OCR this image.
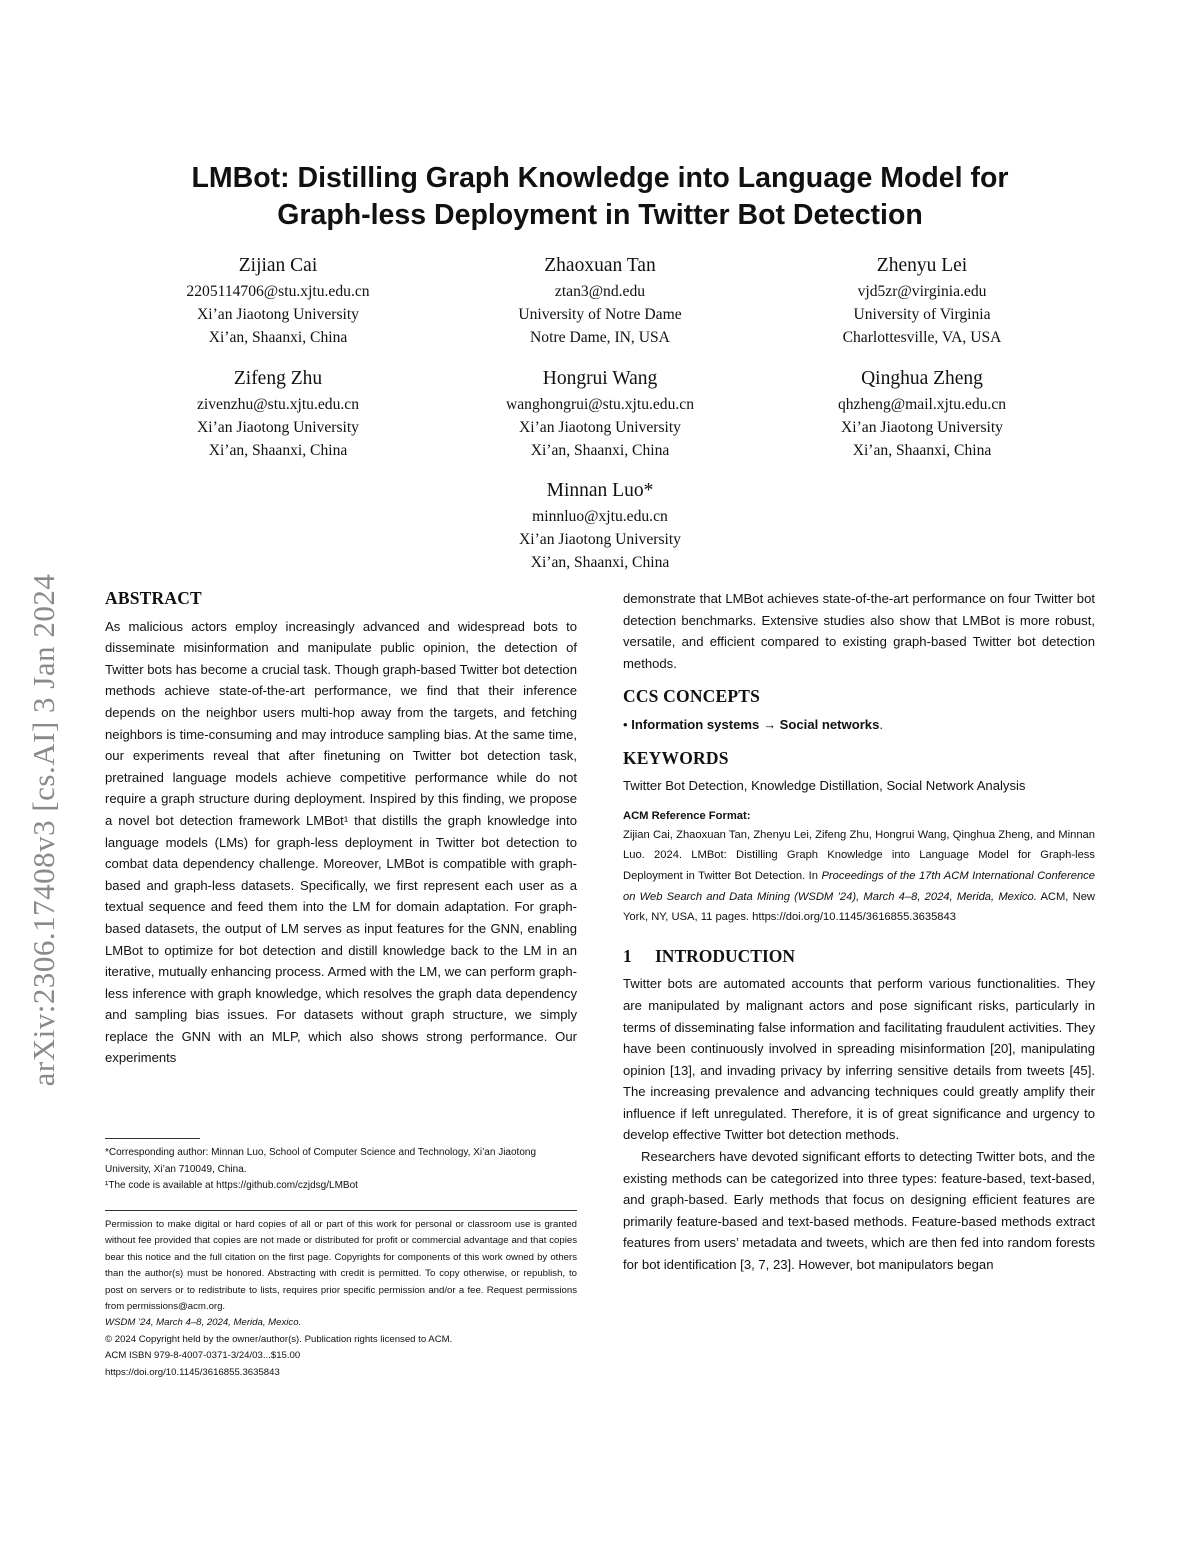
arXiv:2306.17408v3 [cs.AI] 3 Jan 2024
LMBot: Distilling Graph Knowledge into Language Model for
Graph-less Deployment in Twitter Bot Detection
Zijian Cai
2205114706@stu.xjtu.edu.cn
Xi’an Jiaotong University
Xi’an, Shaanxi, China
Zhaoxuan Tan
ztan3@nd.edu
University of Notre Dame
Notre Dame, IN, USA
Zhenyu Lei
vjd5zr@virginia.edu
University of Virginia
Charlottesville, VA, USA
Zifeng Zhu
zivenzhu@stu.xjtu.edu.cn
Xi’an Jiaotong University
Xi’an, Shaanxi, China
Hongrui Wang
wanghongrui@stu.xjtu.edu.cn
Xi’an Jiaotong University
Xi’an, Shaanxi, China
Qinghua Zheng
qhzheng@mail.xjtu.edu.cn
Xi’an Jiaotong University
Xi’an, Shaanxi, China
Minnan Luo*
minnluo@xjtu.edu.cn
Xi’an Jiaotong University
Xi’an, Shaanxi, China
ABSTRACT

As malicious actors employ increasingly advanced and widespread bots to disseminate misinformation and manipulate public opinion, the detection of Twitter bots has become a crucial task. Though graph-based Twitter bot detection methods achieve state-of-the-art performance, we find that their inference depends on the neighbor users multi-hop away from the targets, and fetching neighbors is time-consuming and may introduce sampling bias. At the same time, our experiments reveal that after finetuning on Twitter bot detection task, pretrained language models achieve competitive performance while do not require a graph structure during deployment. Inspired by this finding, we propose a novel bot detection framework LMBot¹ that distills the graph knowledge into language models (LMs) for graph-less deployment in Twitter bot detection to combat data dependency challenge. Moreover, LMBot is compatible with graph-based and graph-less datasets. Specifically, we first represent each user as a textual sequence and feed them into the LM for domain adaptation. For graph-based datasets, the output of LM serves as input features for the GNN, enabling LMBot to optimize for bot detection and distill knowledge back to the LM in an iterative, mutually enhancing process. Armed with the LM, we can perform graph-less inference with graph knowledge, which resolves the graph data dependency and sampling bias issues. For datasets without graph structure, we simply replace the GNN with an MLP, which also shows strong performance. Our experiments

*Corresponding author: Minnan Luo, School of Computer Science and Technology, Xi’an Jiaotong University, Xi’an 710049, China.

¹The code is available at https://github.com/czjdsg/LMBot

Permission to make digital or hard copies of all or part of this work for personal or classroom use is granted without fee provided that copies are not made or distributed for profit or commercial advantage and that copies bear this notice and the full citation on the first page. Copyrights for components of this work owned by others than the author(s) must be honored. Abstracting with credit is permitted. To copy otherwise, or republish, to post on servers or to redistribute to lists, requires prior specific permission and/or a fee. Request permissions from permissions@acm.org.

WSDM ’24, March 4–8, 2024, Merida, Mexico.

© 2024 Copyright held by the owner/author(s). Publication rights licensed to ACM.

ACM ISBN 979-8-4007-0371-3/24/03...$15.00

https://doi.org/10.1145/3616855.3635843

demonstrate that LMBot achieves state-of-the-art performance on four Twitter bot detection benchmarks. Extensive studies also show that LMBot is more robust, versatile, and efficient compared to existing graph-based Twitter bot detection methods.

CCS CONCEPTS

• Information systems → Social networks.

KEYWORDS

Twitter Bot Detection, Knowledge Distillation, Social Network Analysis

ACM Reference Format:

Zijian Cai, Zhaoxuan Tan, Zhenyu Lei, Zifeng Zhu, Hongrui Wang, Qinghua Zheng, and Minnan Luo. 2024. LMBot: Distilling Graph Knowledge into Language Model for Graph-less Deployment in Twitter Bot Detection. In Proceedings of the 17th ACM International Conference on Web Search and Data Mining (WSDM ’24), March 4–8, 2024, Merida, Mexico. ACM, New York, NY, USA, 11 pages. https://doi.org/10.1145/3616855.3635843

1 INTRODUCTION

Twitter bots are automated accounts that perform various functionalities. They are manipulated by malignant actors and pose significant risks, particularly in terms of disseminating false information and facilitating fraudulent activities. They have been continuously involved in spreading misinformation [20], manipulating opinion [13], and invading privacy by inferring sensitive details from tweets [45]. The increasing prevalence and advancing techniques could greatly amplify their influence if left unregulated. Therefore, it is of great significance and urgency to develop effective Twitter bot detection methods.

Researchers have devoted significant efforts to detecting Twitter bots, and the existing methods can be categorized into three types: feature-based, text-based, and graph-based. Early methods that focus on designing efficient features are primarily feature-based and text-based methods. Feature-based methods extract features from users’ metadata and tweets, which are then fed into random forests for bot identification [3, 7, 23]. However, bot manipulators began
